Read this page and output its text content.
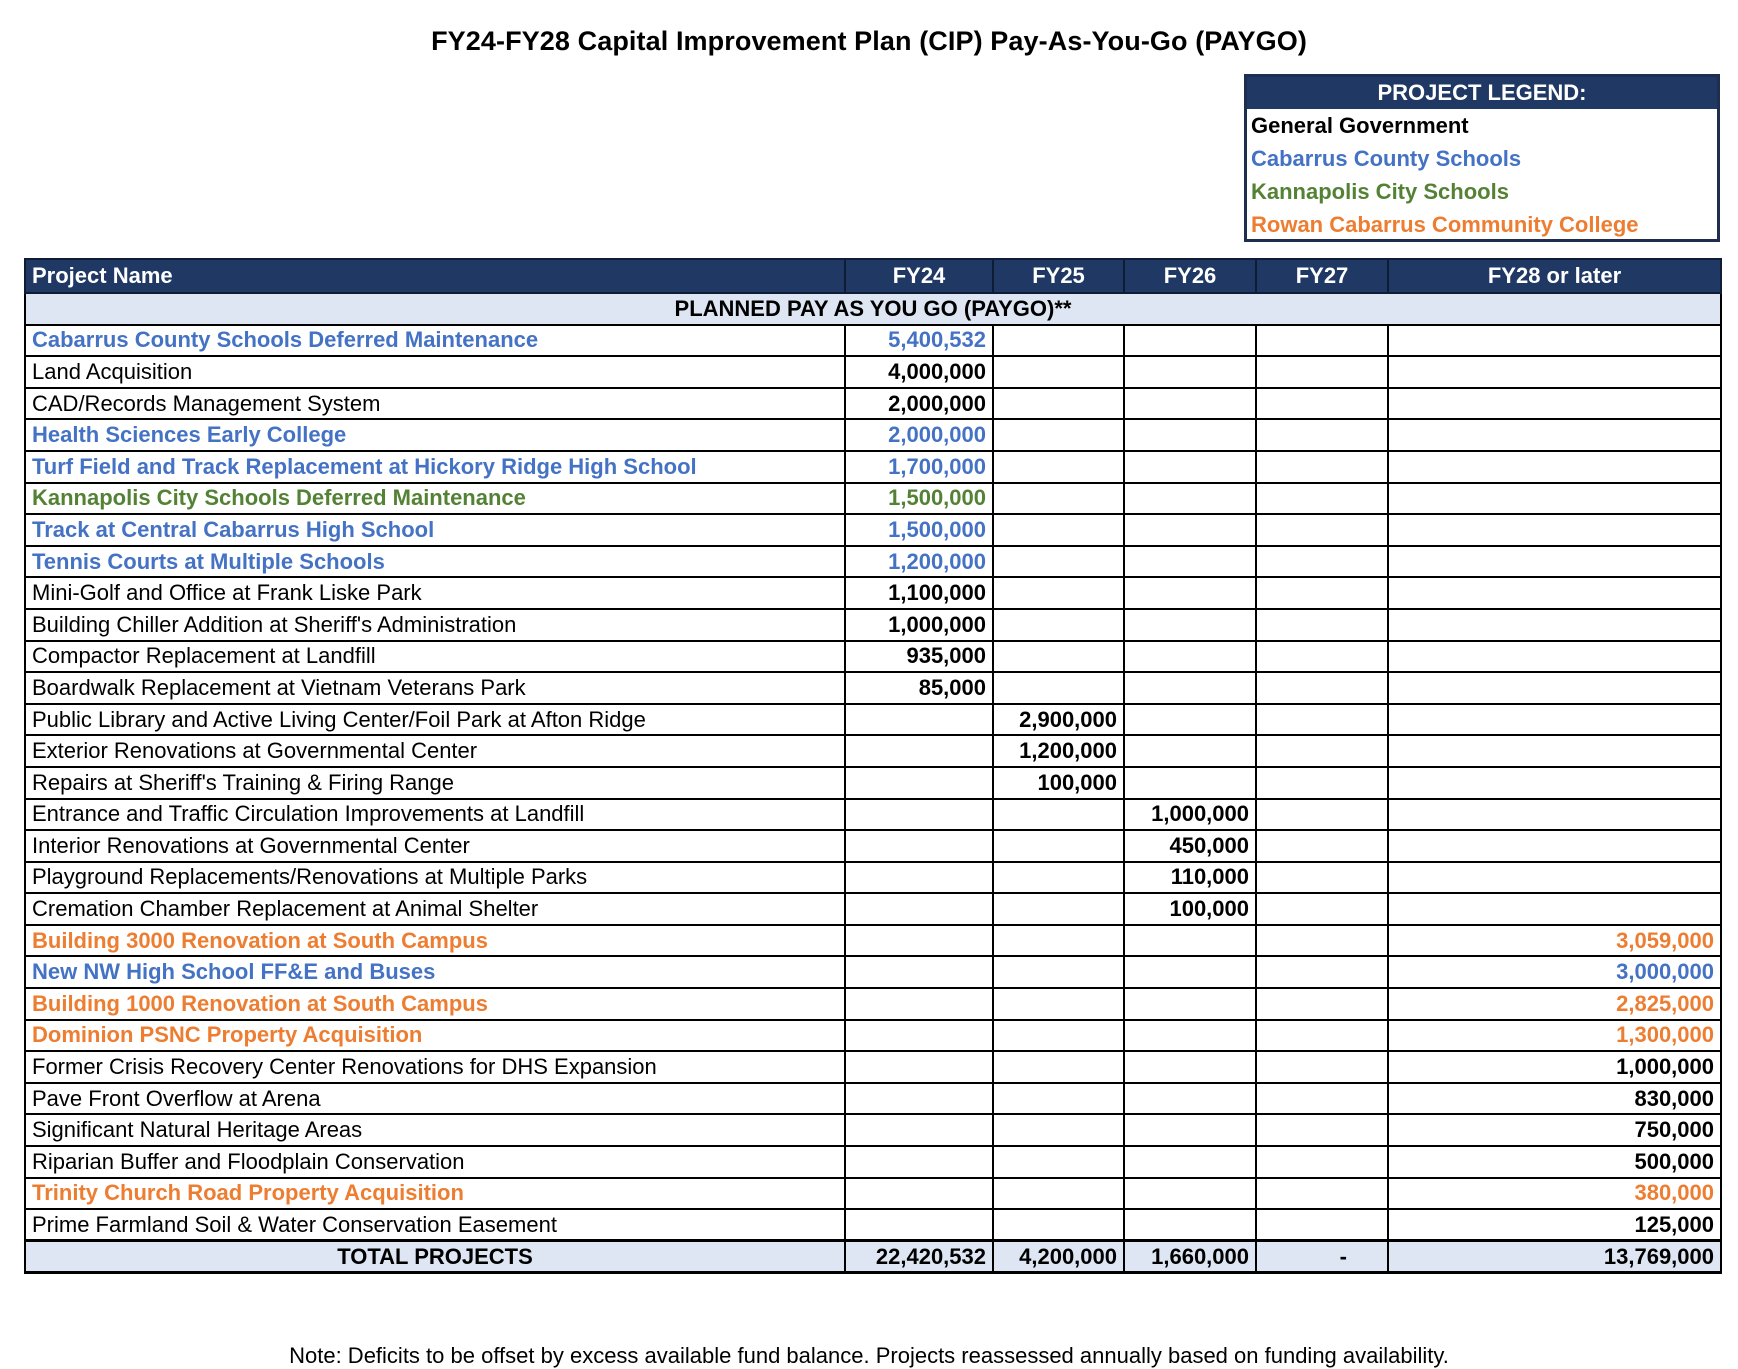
FY24-FY28 Capital Improvement Plan (CIP) Pay-As-You-Go (PAYGO)
PROJECT LEGEND:
General Government
Cabarrus County Schools
Kannapolis City Schools
Rowan Cabarrus Community College
Project Name	FY24	FY25	FY26	FY27	FY28 or later
PLANNED PAY AS YOU GO (PAYGO)**					
Cabarrus County Schools Deferred Maintenance	5,400,532				
Land Acquisition	4,000,000				
CAD/Records Management System	2,000,000				
Health Sciences Early College	2,000,000				
Turf Field and Track Replacement at Hickory Ridge High School	1,700,000				
Kannapolis City Schools Deferred Maintenance	1,500,000				
Track at Central Cabarrus High School	1,500,000				
Tennis Courts at Multiple Schools	1,200,000				
Mini-Golf and Office at Frank Liske Park	1,100,000				
Building Chiller Addition at Sheriff's Administration	1,000,000				
Compactor Replacement at Landfill	935,000				
Boardwalk Replacement at Vietnam Veterans Park	85,000				
Public Library and Active Living Center/Foil Park at Afton Ridge		2,900,000			
Exterior Renovations at Governmental Center		1,200,000			
Repairs at Sheriff's Training & Firing Range		100,000			
Entrance and Traffic Circulation Improvements at Landfill			1,000,000		
Interior Renovations at Governmental Center			450,000		
Playground Replacements/Renovations at Multiple Parks			110,000		
Cremation Chamber Replacement at Animal Shelter			100,000		
Building 3000 Renovation at South Campus					3,059,000
New NW High School FF&E and Buses					3,000,000
Building 1000 Renovation at South Campus					2,825,000
Dominion PSNC Property Acquisition					1,300,000
Former Crisis Recovery Center Renovations for DHS Expansion					1,000,000
Pave Front Overflow at Arena					830,000
Significant Natural Heritage Areas					750,000
Riparian Buffer and Floodplain Conservation					500,000
Trinity Church Road Property Acquisition					380,000
Prime Farmland Soil & Water Conservation Easement					125,000
TOTAL PROJECTS	22,420,532	4,200,000	1,660,000	-	13,769,000
Note: Deficits to be offset by excess available fund balance. Projects reassessed annually based on funding availability.
